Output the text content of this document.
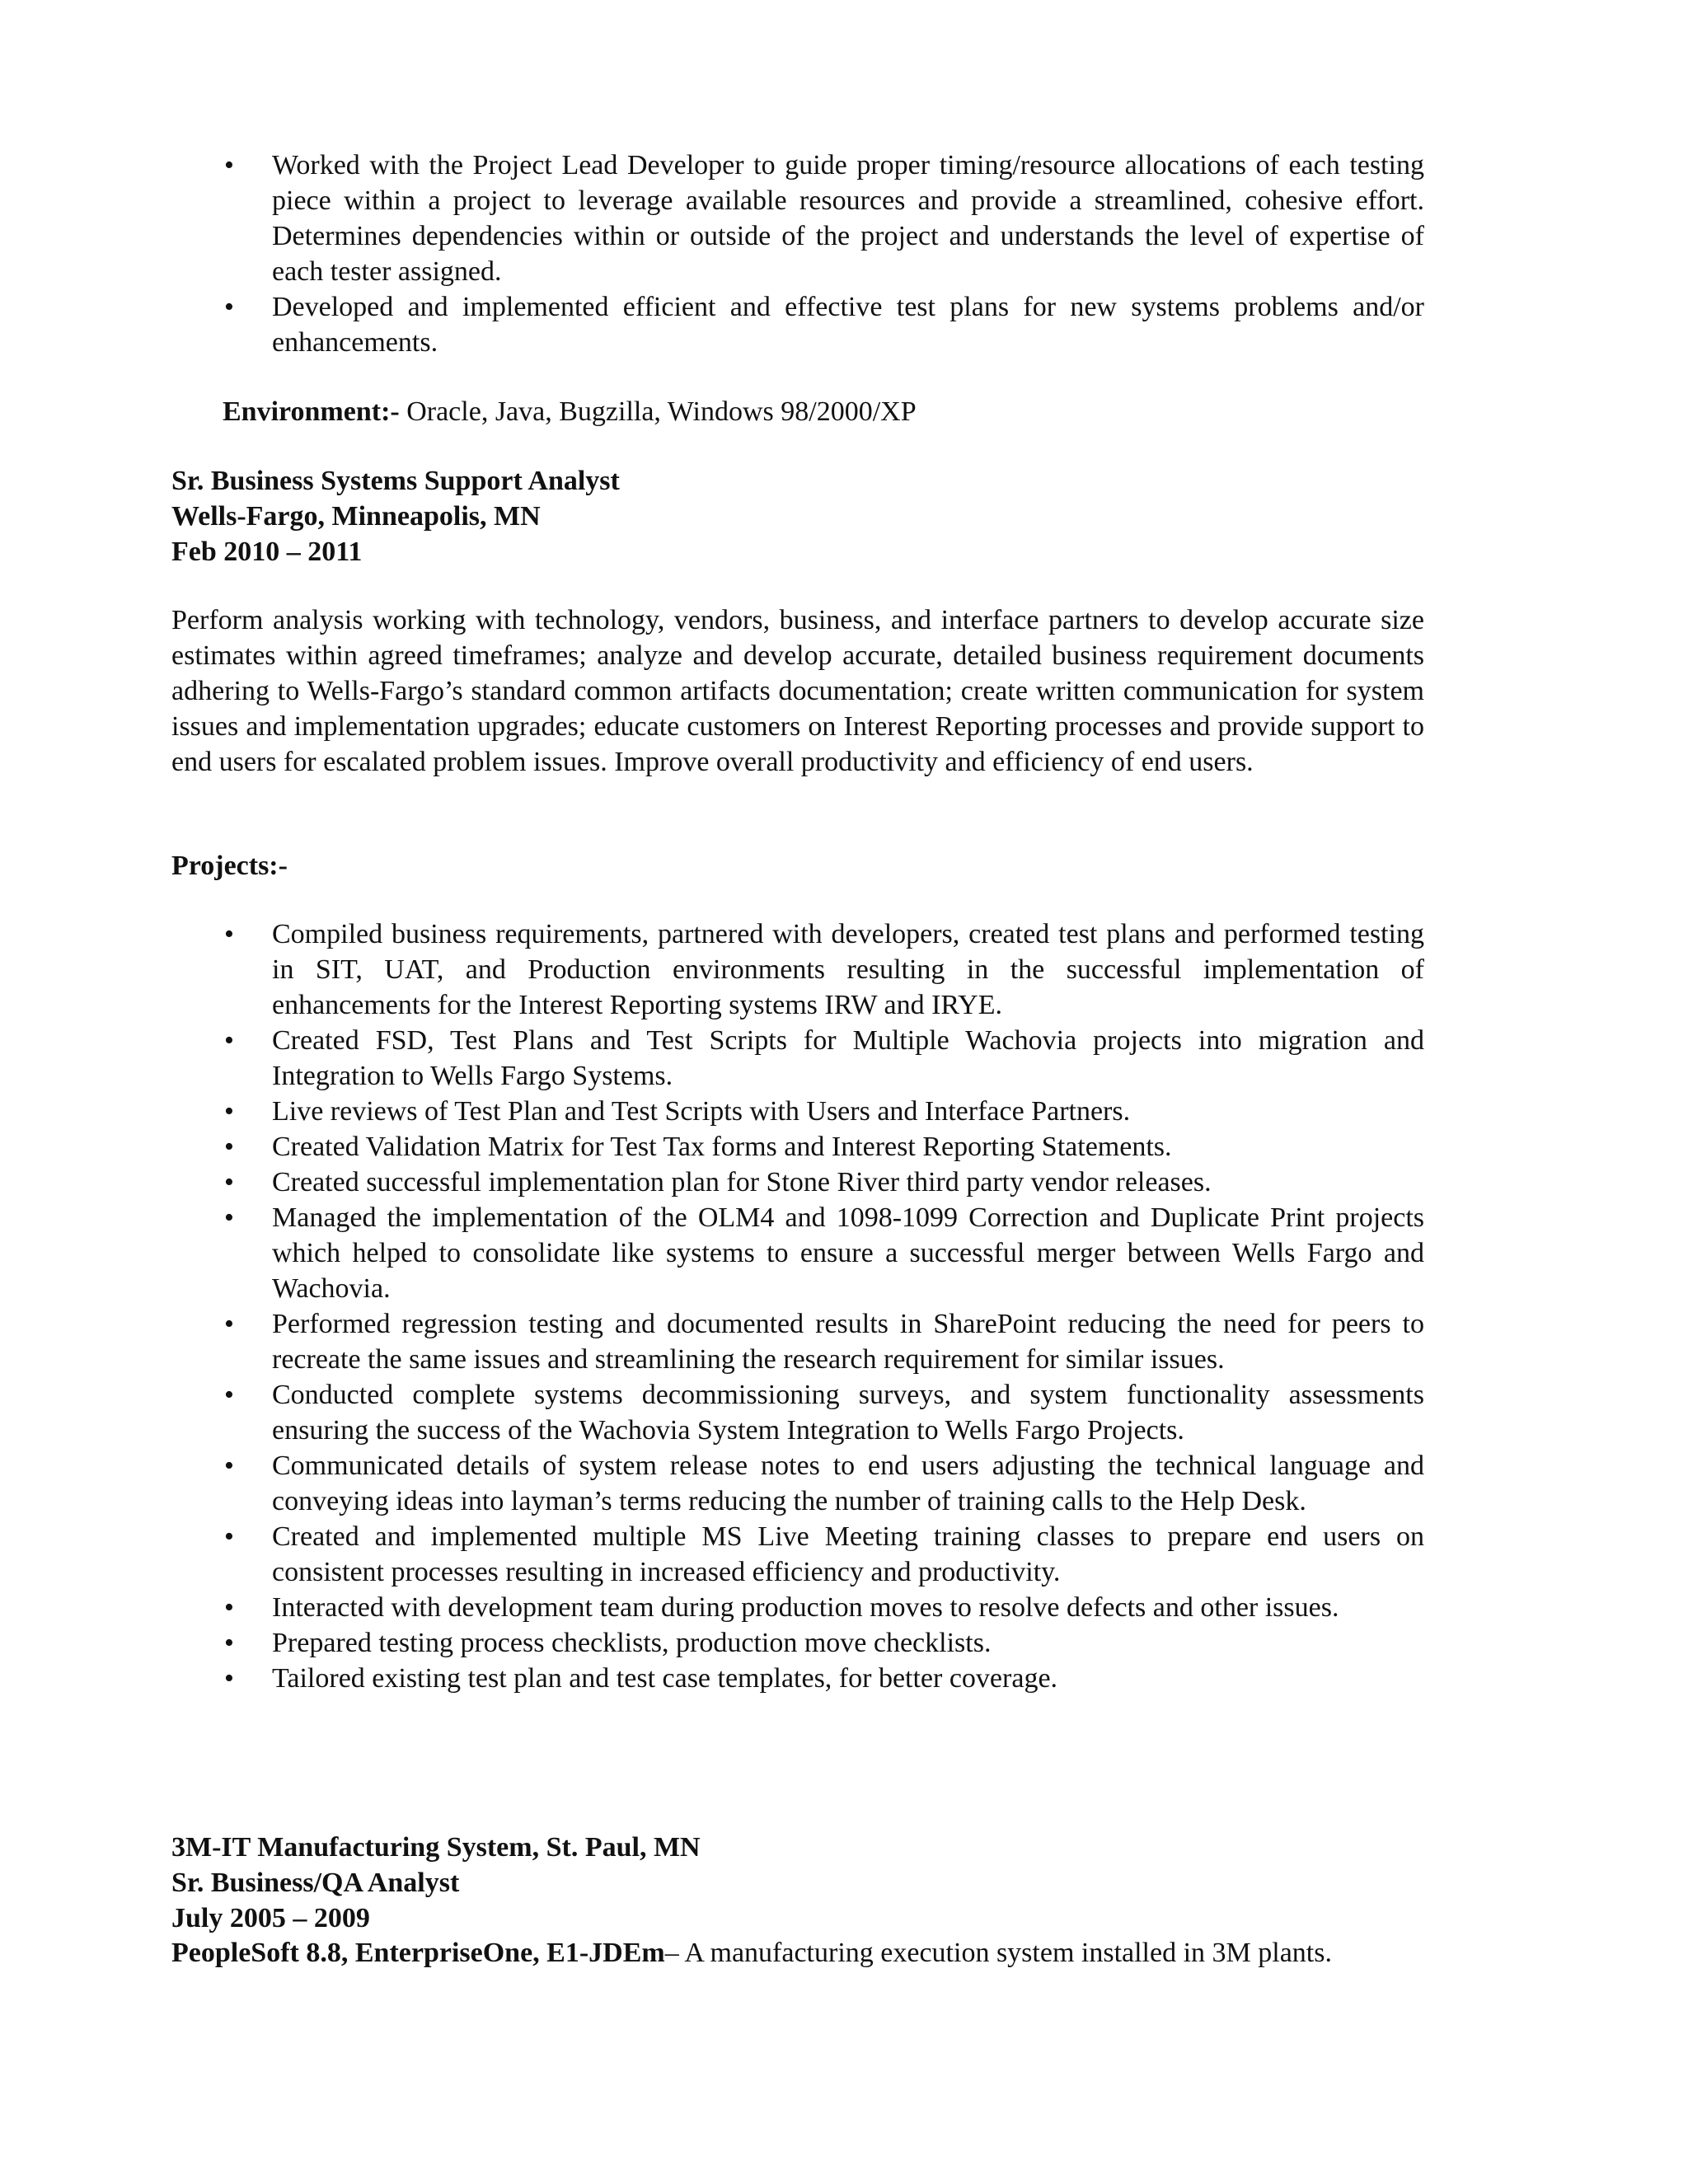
• Worked with the Project Lead Developer to guide proper timing/resource allocations of each testing piece within a project to leverage available resources and provide a streamlined, cohesive effort. Determines dependencies within or outside of the project and understands the level of expertise of each tester assigned.
• Developed and implemented efficient and effective test plans for new systems problems and/or enhancements.
Environment:- Oracle, Java, Bugzilla, Windows 98/2000/XP
Sr. Business Systems Support Analyst
Wells-Fargo, Minneapolis, MN
Feb 2010 – 2011
Perform analysis working with technology, vendors, business, and interface partners to develop accurate size estimates within agreed timeframes; analyze and develop accurate, detailed business requirement documents adhering to Wells-Fargo’s standard common artifacts documentation; create written communication for system issues and implementation upgrades; educate customers on Interest Reporting processes and provide support to end users for escalated problem issues. Improve overall productivity and efficiency of end users.
Projects:-
• Compiled business requirements, partnered with developers, created test plans and performed testing in SIT, UAT, and Production environments resulting in the successful implementation of enhancements for the Interest Reporting systems IRW and IRYE.
• Created FSD, Test Plans and Test Scripts for Multiple Wachovia projects into migration and Integration to Wells Fargo Systems.
• Live reviews of Test Plan and Test Scripts with Users and Interface Partners.
• Created Validation Matrix for Test Tax forms and Interest Reporting Statements.
• Created successful implementation plan for Stone River third party vendor releases.
• Managed the implementation of the OLM4 and 1098-1099 Correction and Duplicate Print projects which helped to consolidate like systems to ensure a successful merger between Wells Fargo and Wachovia.
• Performed regression testing and documented results in SharePoint reducing the need for peers to recreate the same issues and streamlining the research requirement for similar issues.
• Conducted complete systems decommissioning surveys, and system functionality assessments ensuring the success of the Wachovia System Integration to Wells Fargo Projects.
• Communicated details of system release notes to end users adjusting the technical language and conveying ideas into layman’s terms reducing the number of training calls to the Help Desk.
• Created and implemented multiple MS Live Meeting training classes to prepare end users on consistent processes resulting in increased efficiency and productivity.
• Interacted with development team during production moves to resolve defects and other issues.
• Prepared testing process checklists, production move checklists.
• Tailored existing test plan and test case templates, for better coverage.
3M-IT Manufacturing System, St. Paul, MN
Sr. Business/QA Analyst
July 2005 – 2009
PeopleSoft 8.8, EnterpriseOne, E1-JDEm– A manufacturing execution system installed in 3M plants.
